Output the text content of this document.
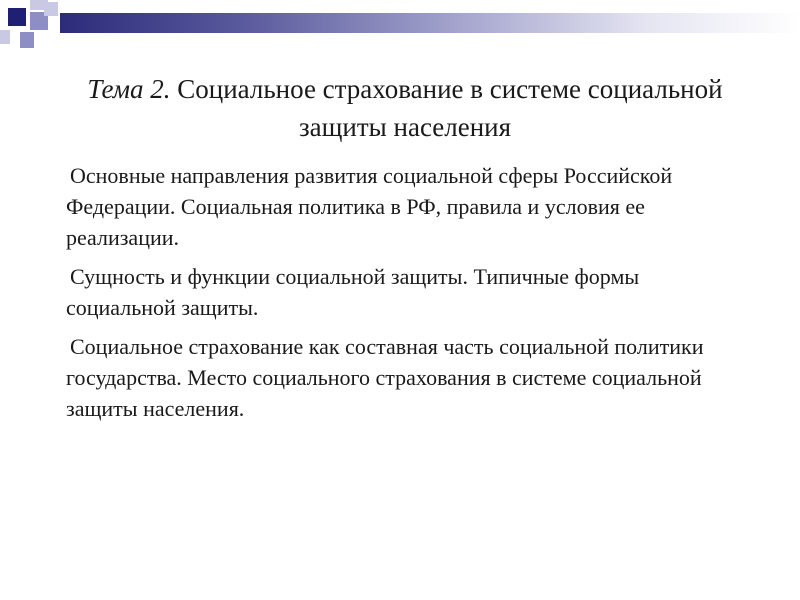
Тема 2. Социальное страхование в системе социальной защиты населения

Основные направления развития социальной сферы Российской Федерации. Социальная политика в РФ, правила и условия ее реализации.

Сущность и функции социальной защиты. Типичные формы социальной защиты.

Социальное страхование как составная часть социальной политики государства. Место социального страхования в системе социальной защиты населения.
